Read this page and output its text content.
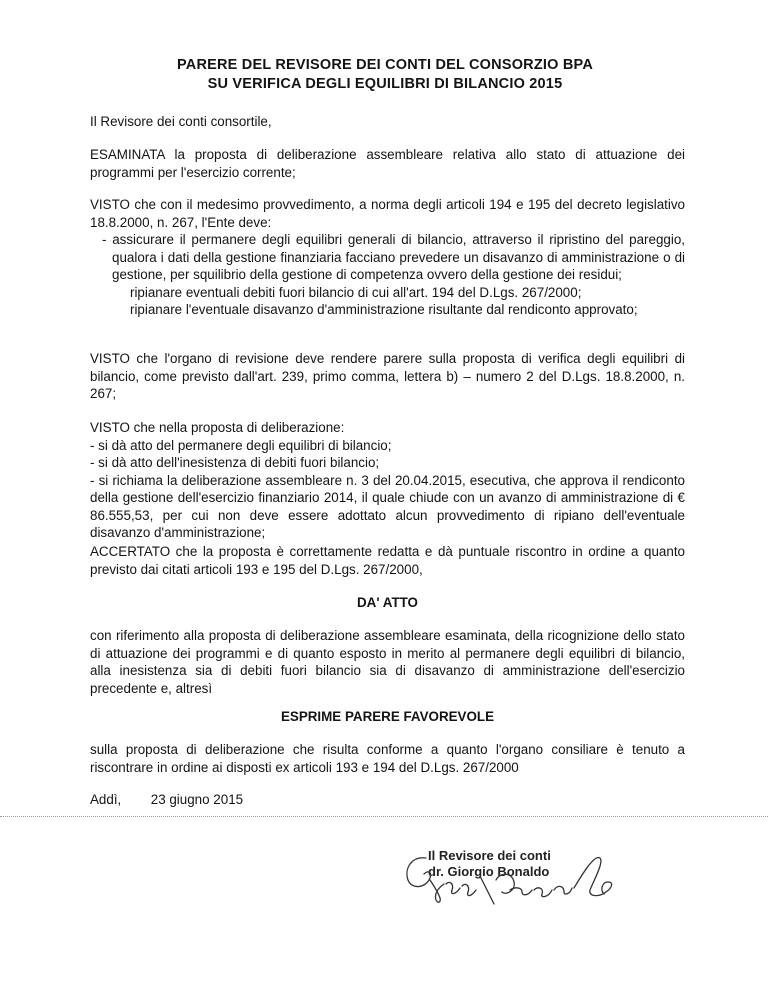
PARERE DEL REVISORE DEI CONTI DEL CONSORZIO BPA
SU VERIFICA DEGLI EQUILIBRI DI BILANCIO 2015

Il Revisore dei conti consortile,

ESAMINATA la proposta di deliberazione assembleare relativa allo stato di attuazione dei programmi per l'esercizio corrente;

VISTO che con il medesimo provvedimento, a norma degli articoli 194 e 195 del decreto legislativo 18.8.2000, n. 267, l'Ente deve:
- assicurare il permanere degli equilibri generali di bilancio, attraverso il ripristino del pareggio, qualora i dati della gestione finanziaria facciano prevedere un disavanzo di amministrazione o di gestione, per squilibrio della gestione di competenza ovvero della gestione dei residui;
ripianare eventuali debiti fuori bilancio di cui all'art. 194 del D.Lgs. 267/2000;
ripianare l'eventuale disavanzo d'amministrazione risultante dal rendiconto approvato;

VISTO che l'organo di revisione deve rendere parere sulla proposta di verifica degli equilibri di bilancio, come previsto dall'art. 239, primo comma, lettera b) – numero 2 del D.Lgs. 18.8.2000, n. 267;

VISTO che nella proposta di deliberazione:
- si dà atto del permanere degli equilibri di bilancio;
- si dà atto dell'inesistenza di debiti fuori bilancio;
- si richiama la deliberazione assembleare n. 3 del 20.04.2015, esecutiva, che approva il rendiconto della gestione dell'esercizio finanziario 2014, il quale chiude con un avanzo di amministrazione di € 86.555,53, per cui non deve essere adottato alcun provvedimento di ripiano dell'eventuale disavanzo d'amministrazione;

ACCERTATO che la proposta è correttamente redatta e dà puntuale riscontro in ordine a quanto previsto dai citati articoli 193 e 195 del D.Lgs. 267/2000,

DA' ATTO

con riferimento alla proposta di deliberazione assembleare esaminata, della ricognizione dello stato di attuazione dei programmi e di quanto esposto in merito al permanere degli equilibri di bilancio, alla inesistenza sia di debiti fuori bilancio sia di disavanzo di amministrazione dell'esercizio precedente e, altresì

ESPRIME PARERE FAVOREVOLE

sulla proposta di deliberazione che risulta conforme a quanto l'organo consiliare è tenuto a riscontrare in ordine ai disposti ex articoli 193 e 194 del D.Lgs. 267/2000

Addì, 23 giugno 2015
Il Revisore dei conti
dr. Giorgio Bonaldo
